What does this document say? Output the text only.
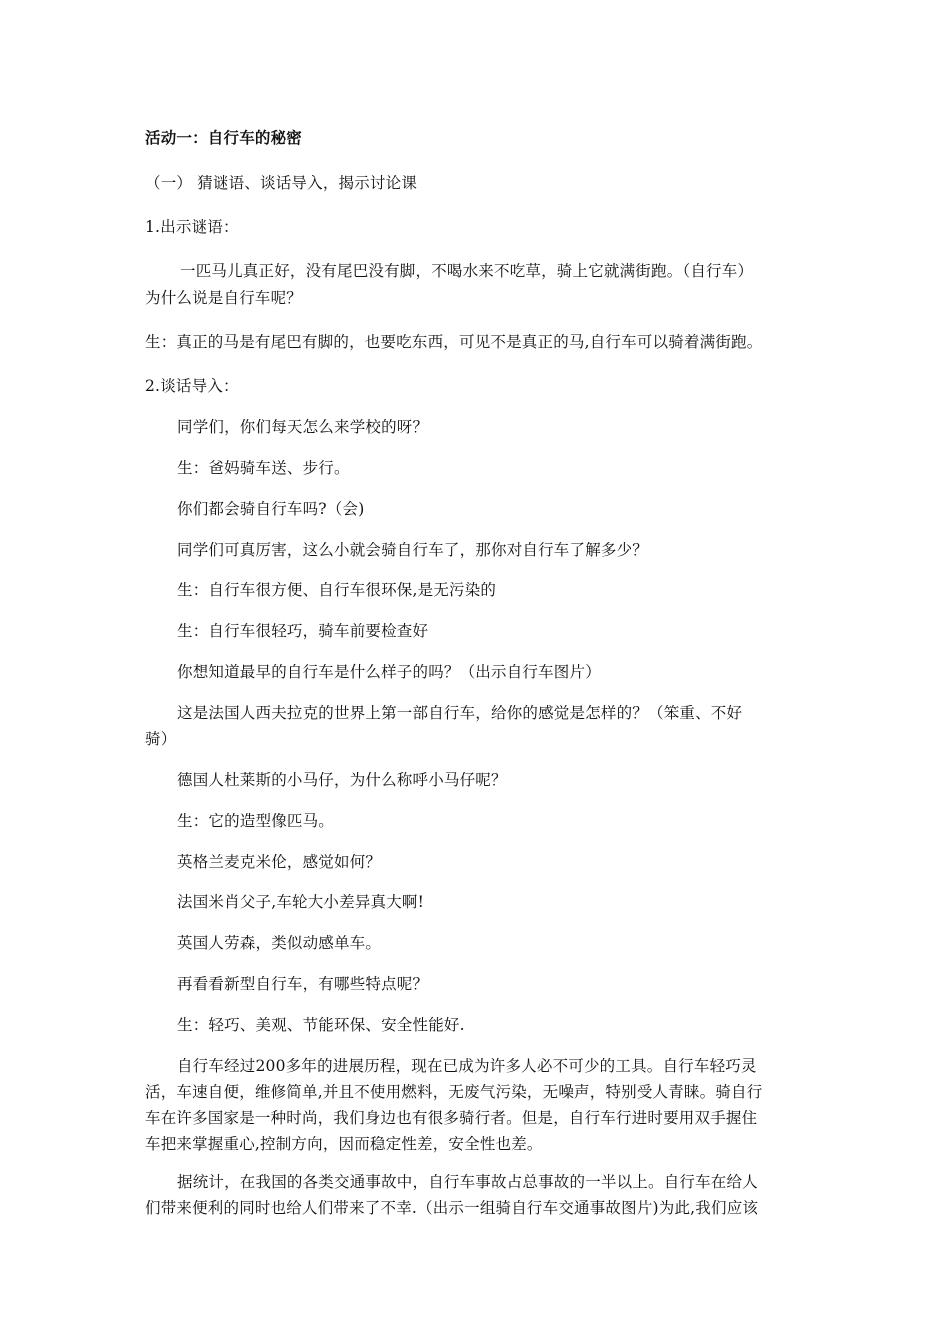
活动一：自行车的秘密
（一） 猜谜语、谈话导入，揭示讨论课
1.出示谜语：
一匹马儿真正好，没有尾巴没有脚，不喝水来不吃草，骑上它就满街跑。（自行车）
为什么说是自行车呢？
生：真正的马是有尾巴有脚的，也要吃东西，可见不是真正的马,自行车可以骑着满街跑。
2.谈话导入：
同学们，你们每天怎么来学校的呀？
生：爸妈骑车送、步行。
你们都会骑自行车吗?（会)
同学们可真厉害，这么小就会骑自行车了，那你对自行车了解多少？
生：自行车很方便、自行车很环保,是无污染的
生：自行车很轻巧，骑车前要检查好
你想知道最早的自行车是什么样子的吗？（出示自行车图片）
这是法国人西夫拉克的世界上第一部自行车，给你的感觉是怎样的？（笨重、不好
骑）
德国人杜莱斯的小马仔，为什么称呼小马仔呢？
生：它的造型像匹马。
英格兰麦克米伦，感觉如何？
法国米肖父子,车轮大小差异真大啊!
英国人劳森，类似动感单车。
再看看新型自行车，有哪些特点呢？
生：轻巧、美观、节能环保、安全性能好.
自行车经过200多年的进展历程，现在已成为许多人必不可少的工具。自行车轻巧灵
活，车速自便，维修简单,并且不使用燃料，无废气污染，无噪声，特别受人青睐。骑自行
车在许多国家是一种时尚，我们身边也有很多骑行者。但是，自行车行进时要用双手握住
车把来掌握重心,控制方向，因而稳定性差，安全性也差。
据统计，在我国的各类交通事故中，自行车事故占总事故的一半以上。自行车在给人
们带来便利的同时也给人们带来了不幸.（出示一组骑自行车交通事故图片)为此,我们应该
